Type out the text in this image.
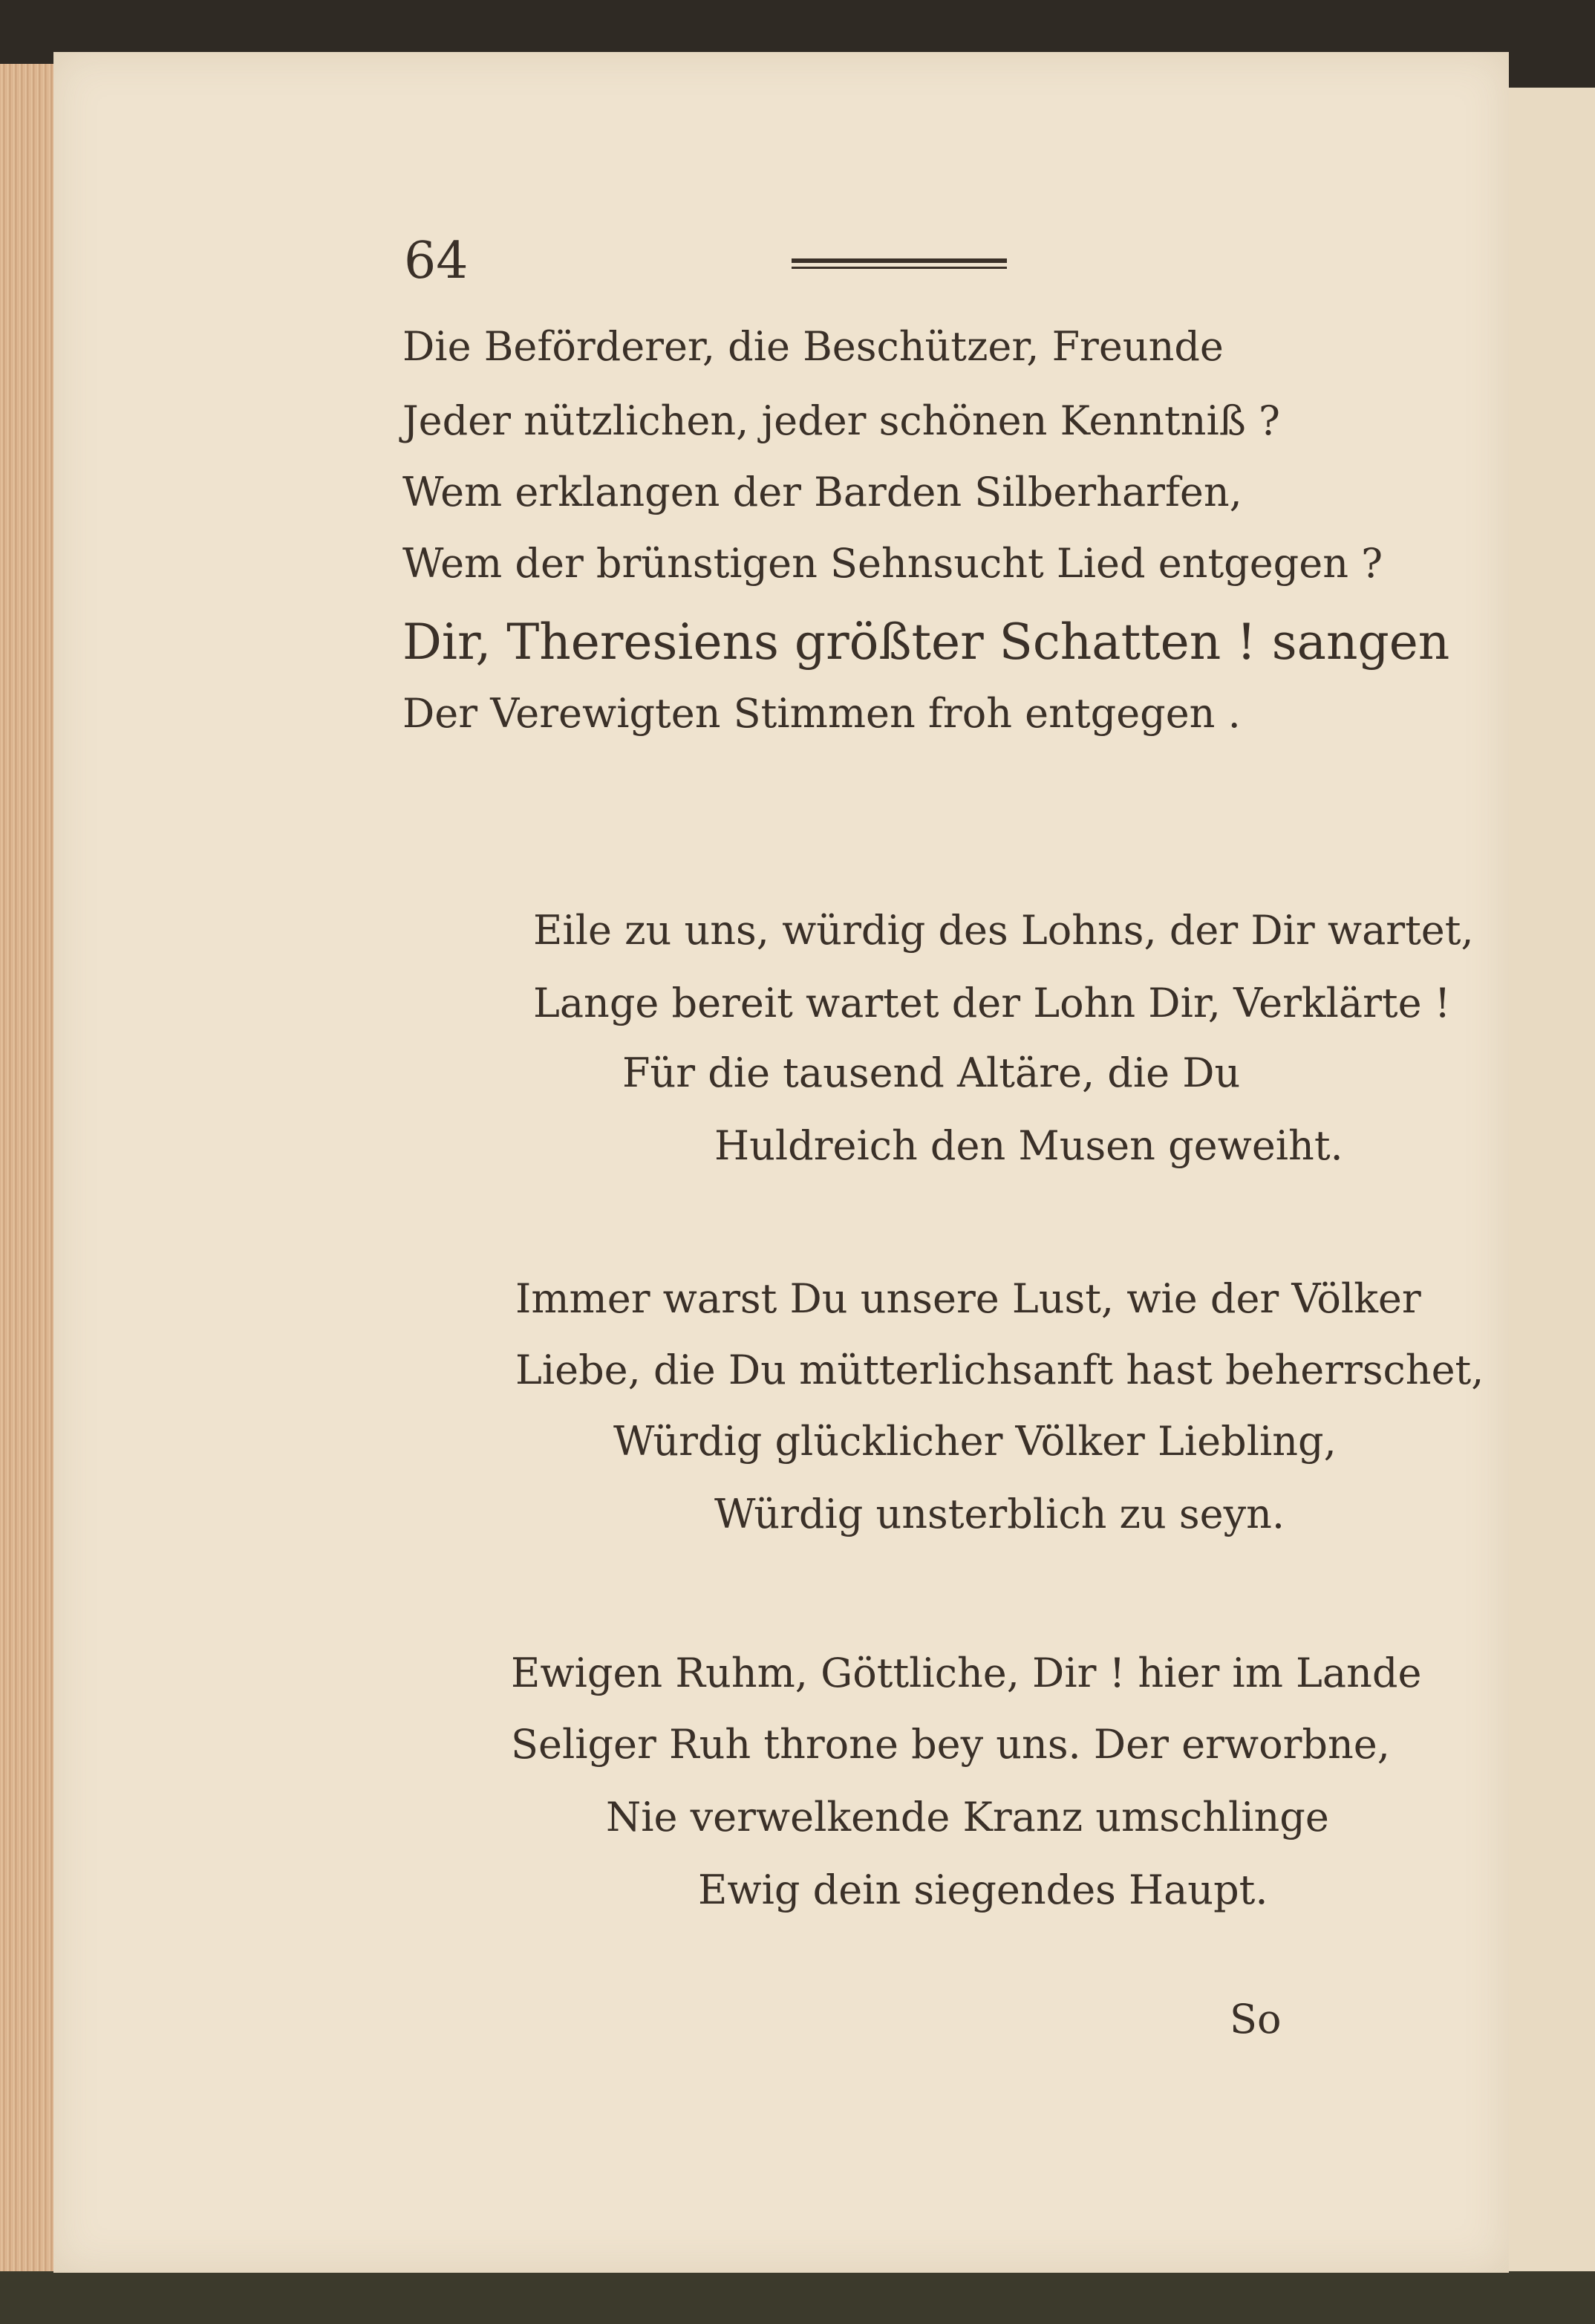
64
Die Beförderer, die Beschützer, Freunde
Jeder nützlichen, jeder schönen Kenntniß ?
Wem erklangen der Barden Silberharfen,
Wem der brünstigen Sehnsucht Lied entgegen ?
Dir, Theresiens größter Schatten ! sangen
Der Verewigten Stimmen froh entgegen .
Eile zu uns, würdig des Lohns, der Dir wartet,
Lange bereit wartet der Lohn Dir, Verklärte !
Für die tausend Altäre, die Du
Huldreich den Musen geweiht.
Immer warst Du unsere Lust, wie der Völker
Liebe, die Du mütterlichsanft hast beherrschet,
Würdig glücklicher Völker Liebling,
Würdig unsterblich zu seyn.
Ewigen Ruhm, Göttliche, Dir ! hier im Lande
Seliger Ruh throne bey uns. Der erworbne,
Nie verwelkende Kranz umschlinge
Ewig dein siegendes Haupt.
So
